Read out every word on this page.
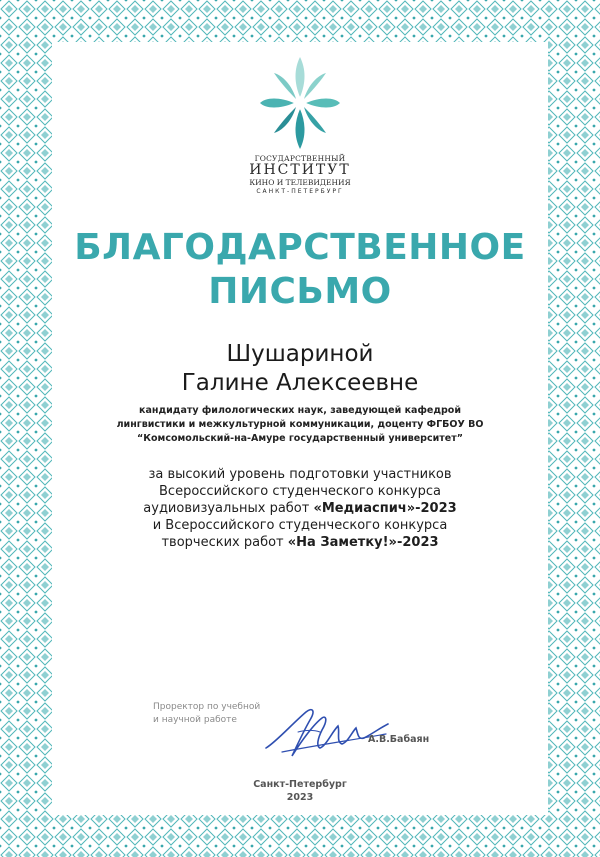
ГОСУДАРСТВЕННЫЙ
ИНСТИТУТ
КИНО И ТЕЛЕВИДЕНИЯ
САНКТ-ПЕТЕРБУРГ
БЛАГОДАРСТВЕННОЕ
ПИСЬМО
Шушариной
Галине Алексеевне
кандидату филологических наук, заведующей кафедрой
лингвистики и межкультурной коммуникации, доценту ФГБОУ ВО
“Комсомольский-на-Амуре государственный университет”
за высокий уровень подготовки участников
Всероссийского студенческого конкурса
аудиовизуальных работ «Медиаспич»-2023
и Всероссийского студенческого конкурса
творческих работ «На Заметку!»-2023
Проректор по учебной
и научной работе
А.В.Бабаян
Санкт-Петербург
2023
